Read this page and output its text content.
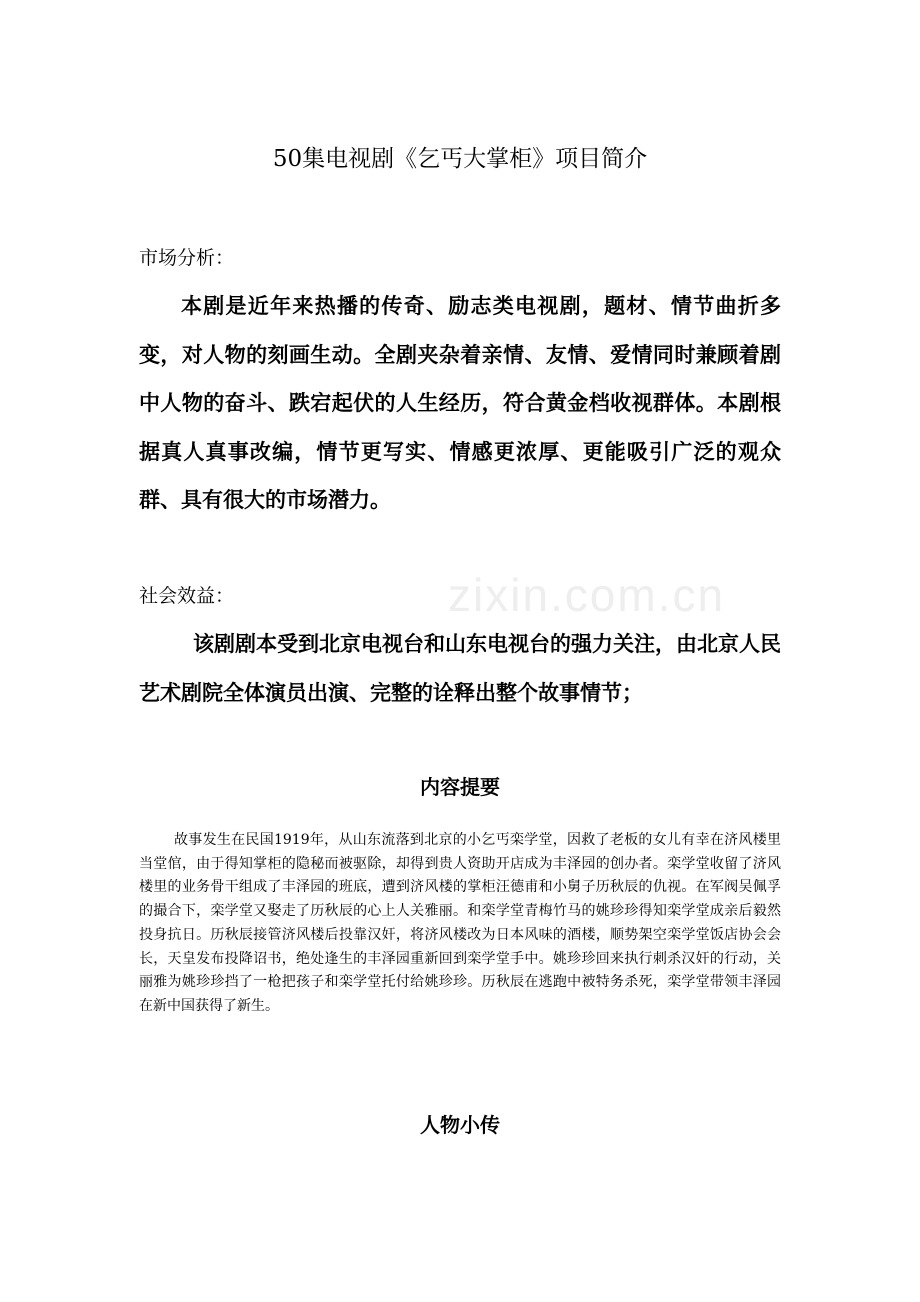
zixin.com.cn
50集电视剧《乞丐大掌柜》项目简介
市场分析：
本剧是近年来热播的传奇、励志类电视剧，题材、情节曲折多变，对人物的刻画生动。全剧夹杂着亲情、友情、爱情同时兼顾着剧中人物的奋斗、跌宕起伏的人生经历，符合黄金档收视群体。本剧根据真人真事改编，情节更写实、情感更浓厚、更能吸引广泛的观众群、具有很大的市场潜力。
社会效益：
该剧剧本受到北京电视台和山东电视台的强力关注，由北京人民艺术剧院全体演员出演、完整的诠释出整个故事情节；
内容提要
故事发生在民国1919年，从山东流落到北京的小乞丐栾学堂，因救了老板的女儿有幸在济风楼里当堂倌，由于得知掌柜的隐秘而被驱除，却得到贵人资助开店成为丰泽园的创办者。栾学堂收留了济风楼里的业务骨干组成了丰泽园的班底，遭到济风楼的掌柜汪德甫和小舅子历秋辰的仇视。在军阀吴佩孚的撮合下，栾学堂又娶走了历秋辰的心上人关雅丽。和栾学堂青梅竹马的姚珍珍得知栾学堂成亲后毅然投身抗日。历秋辰接管济风楼后投靠汉奸，将济风楼改为日本风味的酒楼，顺势架空栾学堂饭店协会会长，天皇发布投降诏书，绝处逢生的丰泽园重新回到栾学堂手中。姚珍珍回来执行刺杀汉奸的行动，关丽雅为姚珍珍挡了一枪把孩子和栾学堂托付给姚珍珍。历秋辰在逃跑中被特务杀死，栾学堂带领丰泽园在新中国获得了新生。
人物小传
